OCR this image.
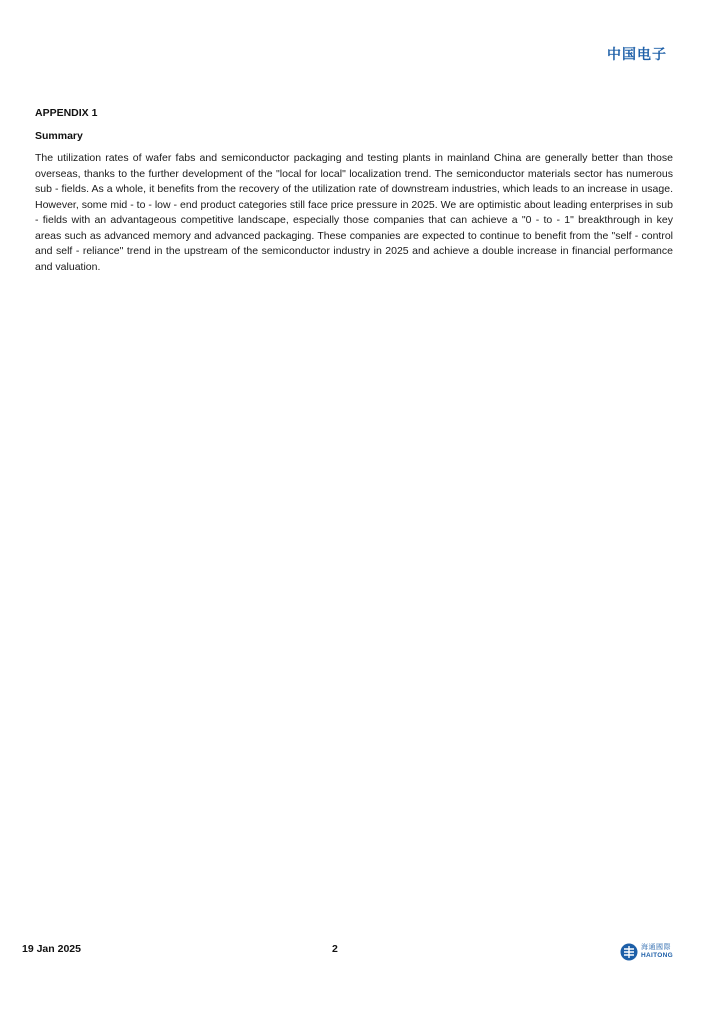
中国电子
APPENDIX 1
Summary

The utilization rates of wafer fabs and semiconductor packaging and testing plants in mainland China are generally better than those overseas, thanks to the further development of the "local for local" localization trend. The semiconductor materials sector has numerous sub - fields. As a whole, it benefits from the recovery of the utilization rate of downstream industries, which leads to an increase in usage. However, some mid - to - low - end product categories still face price pressure in 2025. We are optimistic about leading enterprises in sub - fields with an advantageous competitive landscape, especially those companies that can achieve a "0 - to - 1" breakthrough in key areas such as advanced memory and advanced packaging. These companies are expected to continue to benefit from the "self - control and self - reliance" trend in the upstream of the semiconductor industry in 2025 and achieve a double increase in financial performance and valuation.

19 Jan 2025	2	海通國際
HAITONG
